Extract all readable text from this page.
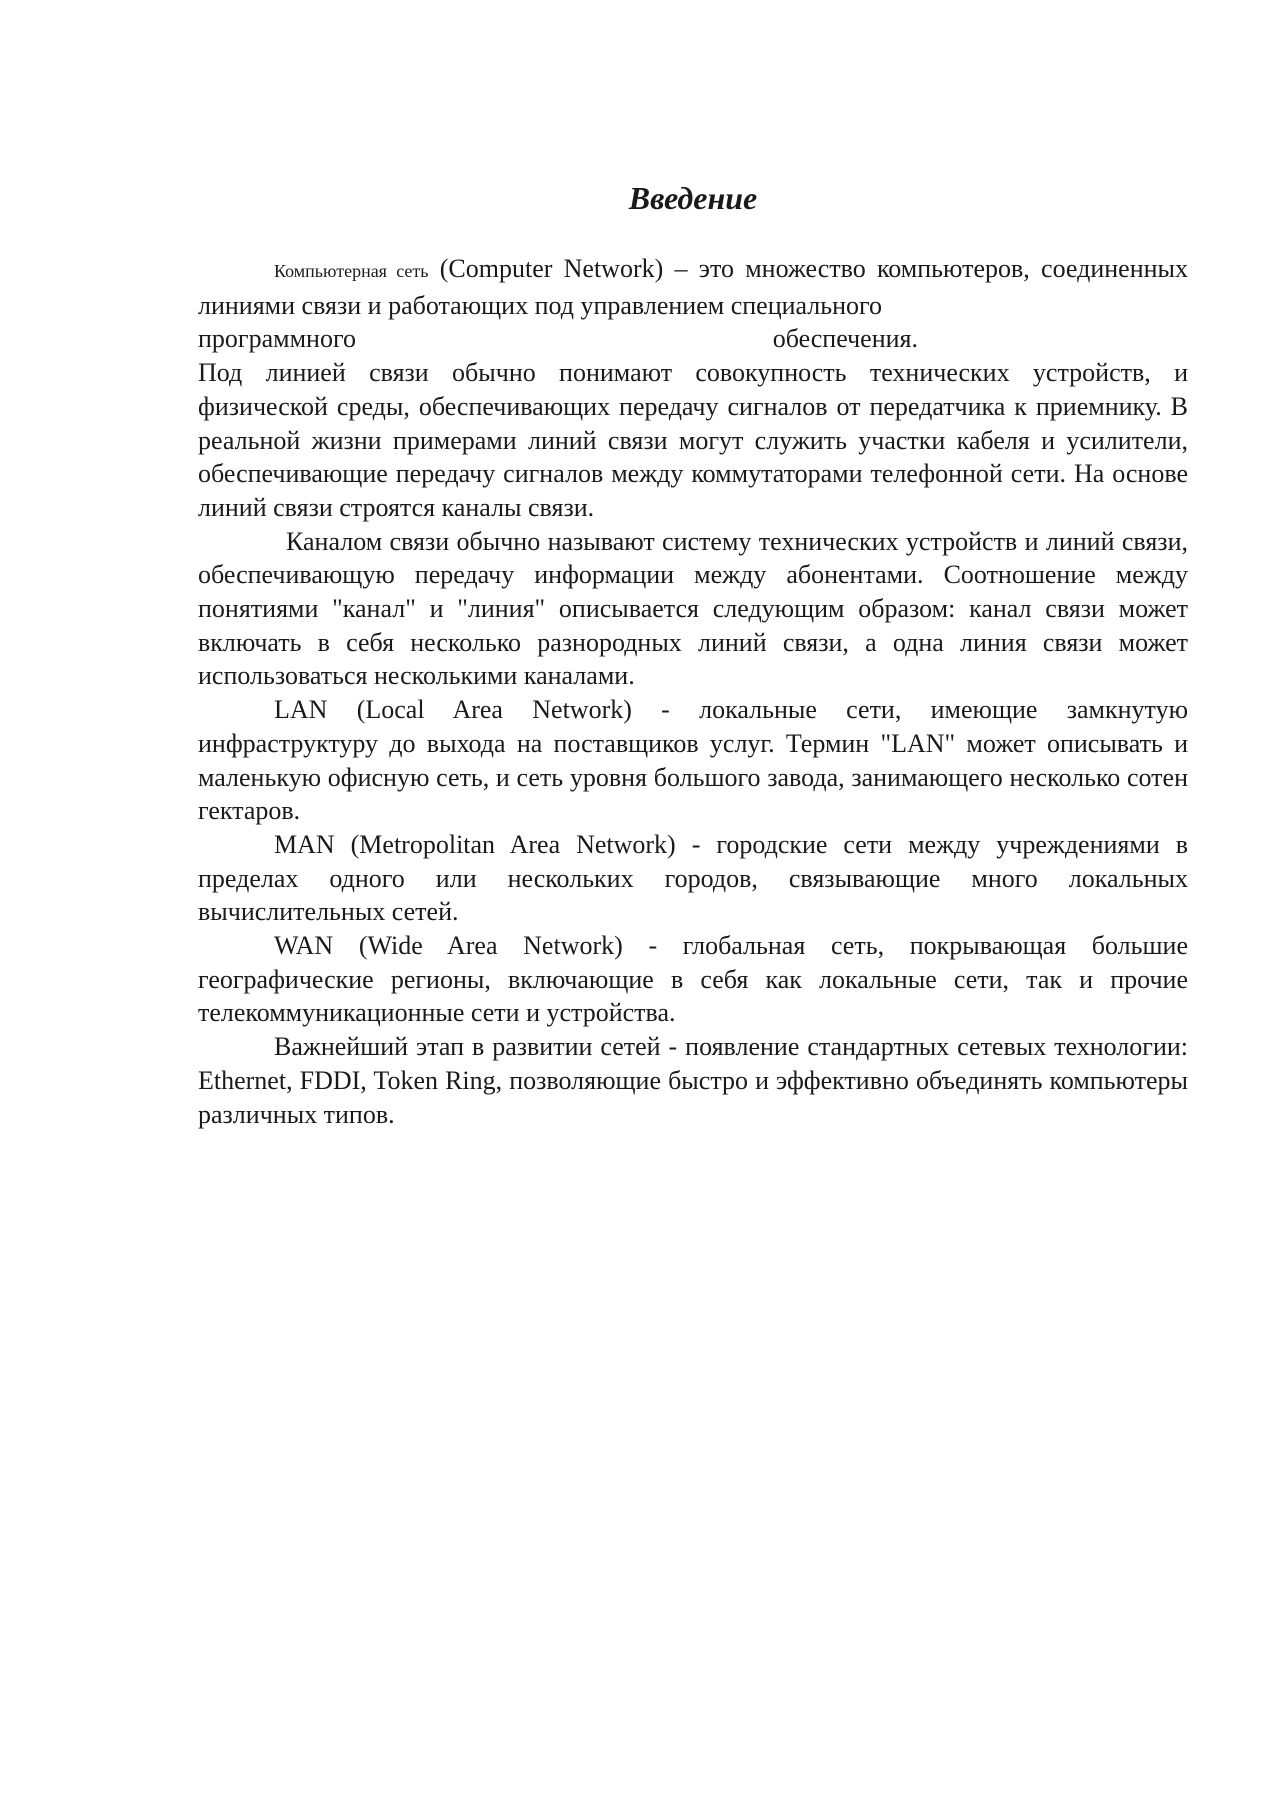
Введение

Компьютерная сеть (Computer Network) – это множество компьютеров, соединенных линиями связи и работающих под управлением специального

программного	обеспечения.

Под линией связи обычно понимают совокупность технических устройств, и физической среды, обеспечивающих передачу сигналов от передатчика к приемнику. В реальной жизни примерами линий связи могут служить участки кабеля и усилители, обеспечивающие передачу сигналов между коммутаторами телефонной сети. На основе линий связи строятся каналы связи.

Каналом связи обычно называют систему технических устройств и линий связи, обеспечивающую передачу информации между абонентами. Соотношение между понятиями "канал" и "линия" описывается следующим образом: канал связи может включать в себя несколько разнородных линий связи, а одна линия связи может использоваться несколькими каналами.

LAN (Local Area Network) - локальные сети, имеющие замкнутую инфраструктуру до выхода на поставщиков услуг. Термин "LAN" может описывать и маленькую офисную сеть, и сеть уровня большого завода, занимающего несколько сотен гектаров.

MAN (Metropolitan Area Network) - городские сети между учреждениями в пределах одного или нескольких городов, связывающие много локальных вычислительных сетей.

WAN (Wide Area Network) - глобальная сеть, покрывающая большие географические регионы, включающие в себя как локальные сети, так и прочие телекоммуникационные сети и устройства.

Важнейший этап в развитии сетей - появление стандартных сетевых технологии: Ethernet, FDDI, Token Ring, позволяющие быстро и эффективно объединять компьютеры различных типов.
